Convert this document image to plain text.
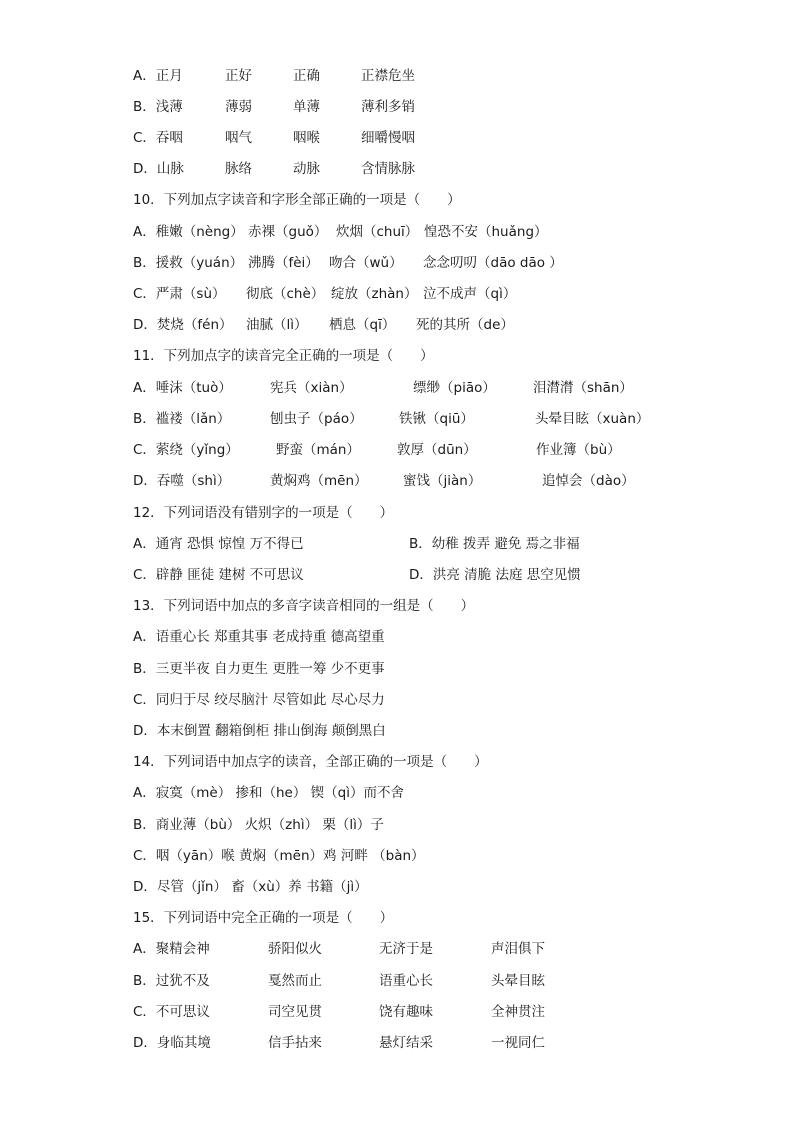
A．正月	正好	正确	正襟危坐
B．浅薄	薄弱	单薄	薄利多销
C．吞咽	咽气	咽喉	细嚼慢咽
D．山脉	脉络	动脉	含情脉脉
10．下列加点字读音和字形全部正确的一项是（　　）
A．稚嫩（nèng） 赤裸（guǒ） 炊烟（chuī） 惶恐不安（huǎng）
B．援救（yuán） 沸腾（fèi） 吻合（wǔ） 念念叨叨（dāo dāo ）
C．严肃（sù） 彻底（chè） 绽放（zhàn） 泣不成声（qì）
D．焚烧（fén） 油腻（lì） 栖息（qī） 死的其所（de）
11．下列加点字的读音完全正确的一项是（　　）
A．唾沫（tuò）	宪兵（xiàn）	缥缈（piāo）	泪潸潸（shān）
B．褴褛（lǎn）	刨虫子（páo）	铁锹（qiū）	头晕目眩（xuàn）
C．萦绕（yǐng）	野蛮（mán）	敦厚（dūn）	作业簿（bù）
D．吞噬（shì）	黄焖鸡（mēn）	蜜饯（jiàn）	追悼会（dào）
12．下列词语没有错别字的一项是（　　）
A．通宵 恐惧 惊惶 万不得已	B．幼稚 拨弄 避免 焉之非福
C．辟静 匪徒 建树 不可思议	D．洪亮 清脆 法庭 思空见惯
13．下列词语中加点的多音字读音相同的一组是（　　）
A．语重心长 郑重其事 老成持重 德高望重
B．三更半夜 自力更生 更胜一筹 少不更事
C．同归于尽 绞尽脑汁 尽管如此 尽心尽力
D．本末倒置 翻箱倒柜 排山倒海 颠倒黑白
14．下列词语中加点字的读音，全部正确的一项是（　　）
A．寂寞（mè） 掺和（he） 锲（qì）而不舍
B．商业薄（bù） 火炽（zhì） 栗（lì）子
C．咽（yān）喉 黄焖（mēn）鸡 河畔 （bàn）
D．尽管（jǐn） 畜（xù）养 书籍（jì）
15．下列词语中完全正确的一项是（　　）
A．聚精会神	骄阳似火	无济于是	声泪俱下
B．过犹不及	戛然而止	语重心长	头晕目眩
C．不可思议	司空见贯	饶有趣味	全神贯注
D．身临其境	信手拈来	悬灯结采	一视同仁
